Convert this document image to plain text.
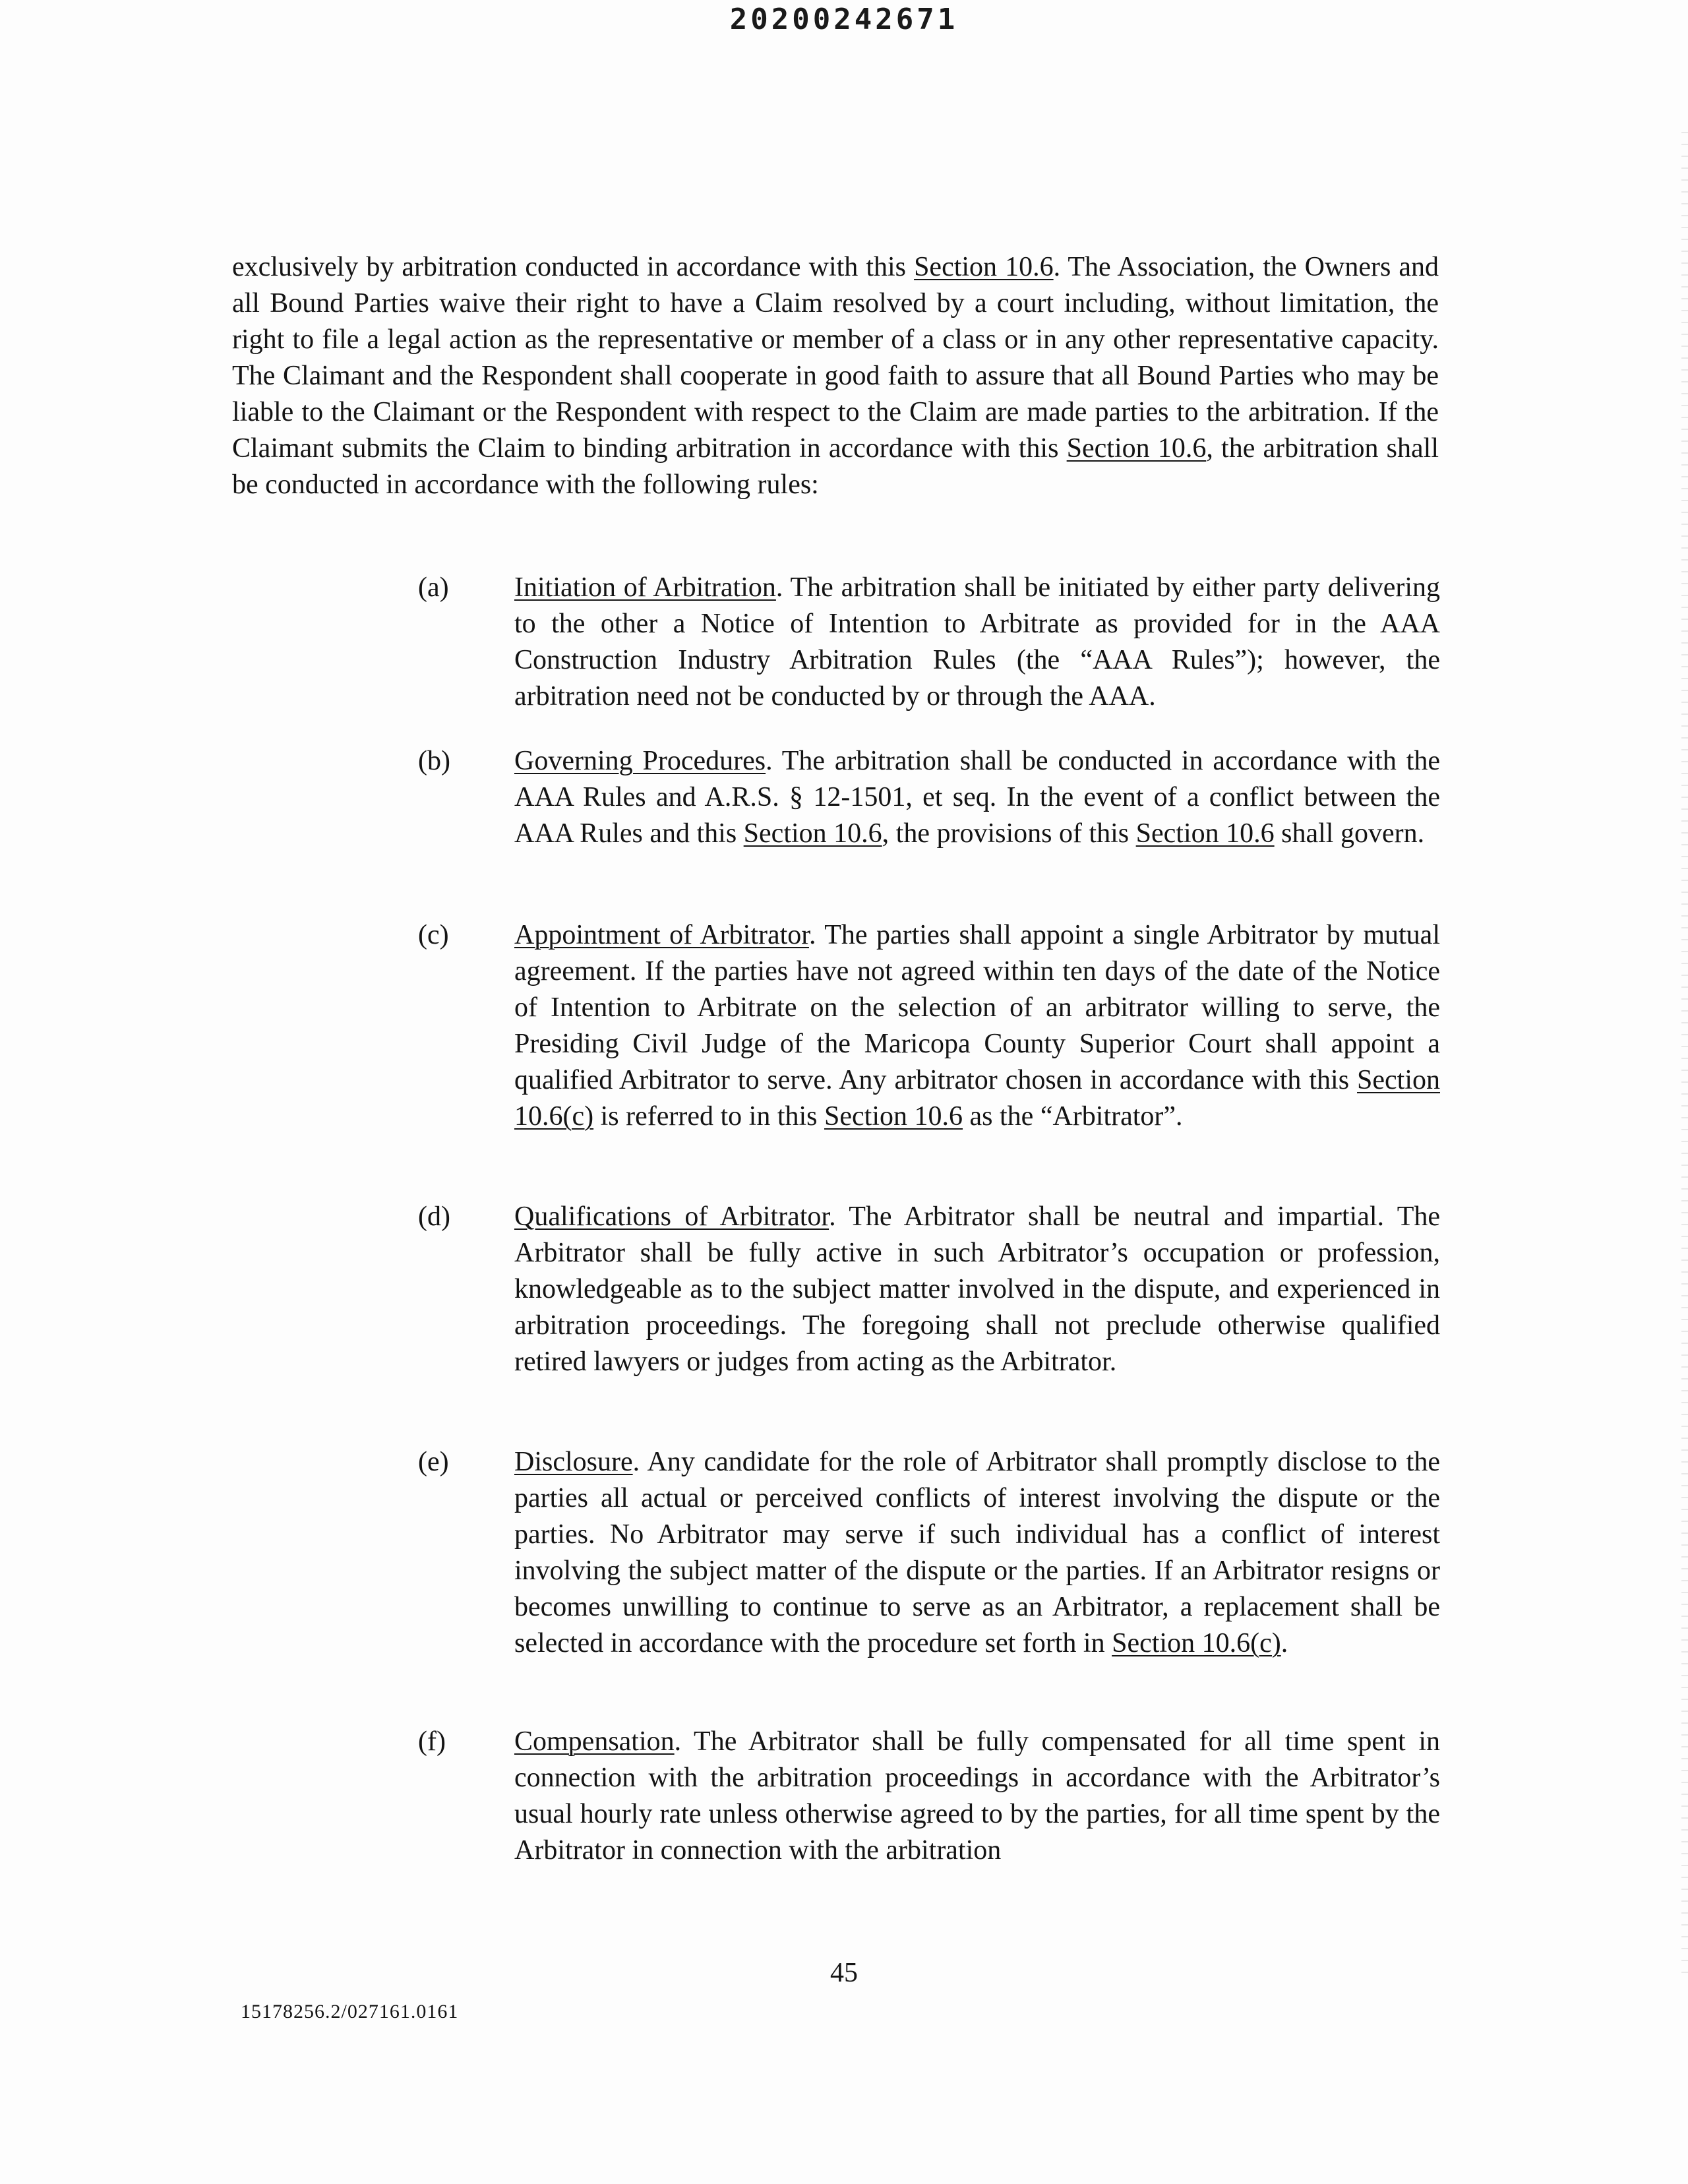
20200242671
exclusively by arbitration conducted in accordance with this Section 10.6. The Association, the Owners and all Bound Parties waive their right to have a Claim resolved by a court including, without limitation, the right to file a legal action as the representative or member of a class or in any other representative capacity. The Claimant and the Respondent shall cooperate in good faith to assure that all Bound Parties who may be liable to the Claimant or the Respondent with respect to the Claim are made parties to the arbitration. If the Claimant submits the Claim to binding arbitration in accordance with this Section 10.6, the arbitration shall be conducted in accordance with the following rules:
(a)	Initiation of Arbitration. The arbitration shall be initiated by either party delivering to the other a Notice of Intention to Arbitrate as provided for in the AAA Construction Industry Arbitration Rules (the “AAA Rules”); however, the arbitration need not be conducted by or through the AAA.
(b)	Governing Procedures. The arbitration shall be conducted in accordance with the AAA Rules and A.R.S. § 12-1501, et seq. In the event of a conflict between the AAA Rules and this Section 10.6, the provisions of this Section 10.6 shall govern.
(c)	Appointment of Arbitrator. The parties shall appoint a single Arbitrator by mutual agreement. If the parties have not agreed within ten days of the date of the Notice of Intention to Arbitrate on the selection of an arbitrator willing to serve, the Presiding Civil Judge of the Maricopa County Superior Court shall appoint a qualified Arbitrator to serve. Any arbitrator chosen in accordance with this Section 10.6(c) is referred to in this Section 10.6 as the “Arbitrator”.
(d)	Qualifications of Arbitrator. The Arbitrator shall be neutral and impartial. The Arbitrator shall be fully active in such Arbitrator’s occupation or profession, knowledgeable as to the subject matter involved in the dispute, and experienced in arbitration proceedings. The foregoing shall not preclude otherwise qualified retired lawyers or judges from acting as the Arbitrator.
(e)	Disclosure. Any candidate for the role of Arbitrator shall promptly disclose to the parties all actual or perceived conflicts of interest involving the dispute or the parties. No Arbitrator may serve if such individual has a conflict of interest involving the subject matter of the dispute or the parties. If an Arbitrator resigns or becomes unwilling to continue to serve as an Arbitrator, a replacement shall be selected in accordance with the procedure set forth in Section 10.6(c).
(f)	Compensation. The Arbitrator shall be fully compensated for all time spent in connection with the arbitration proceedings in accordance with the Arbitrator’s usual hourly rate unless otherwise agreed to by the parties, for all time spent by the Arbitrator in connection with the arbitration
45
15178256.2/027161.0161
